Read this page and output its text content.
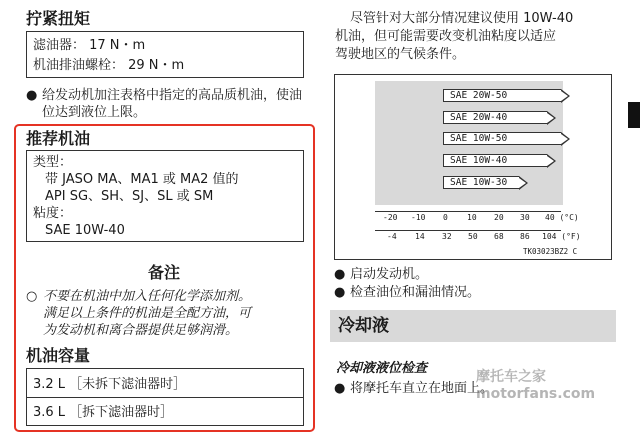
拧紧扭矩
滤油器： 17 N・m
机油排油螺栓： 29 N・m
● 给发动机加注表格中指定的高品质机油，使油位达到液位上限。
推荐机油
类型：
带 JASO MA、MA1 或 MA2 值的
API SG、SH、SJ、SL 或 SM
粘度：
SAE 10W-40
备注
○ 不要在机油中加入任何化学添加剂。
满足以上条件的机油是全配方油，可
为发动机和离合器提供足够润滑。
机油容量
3.2 L ［未拆下滤油器时］
3.6 L ［拆下滤油器时］
尽管针对大部分情况建议使用 10W-40
机油，但可能需要改变机油粘度以适应
驾驶地区的气候条件。
SAE 20W-50
SAE 20W-40
SAE 10W-50
SAE 10W-40
SAE 10W-30
-20 -10 0 10 20 30 40 (°C)
-4 14 32 50 68 86 104 (°F)
TK03023BZ2 C
● 启动发动机。
● 检查油位和漏油情况。
冷却液
冷却液液位检查
● 将摩托车直立在地面上。
摩托车之家 motorfans.com
